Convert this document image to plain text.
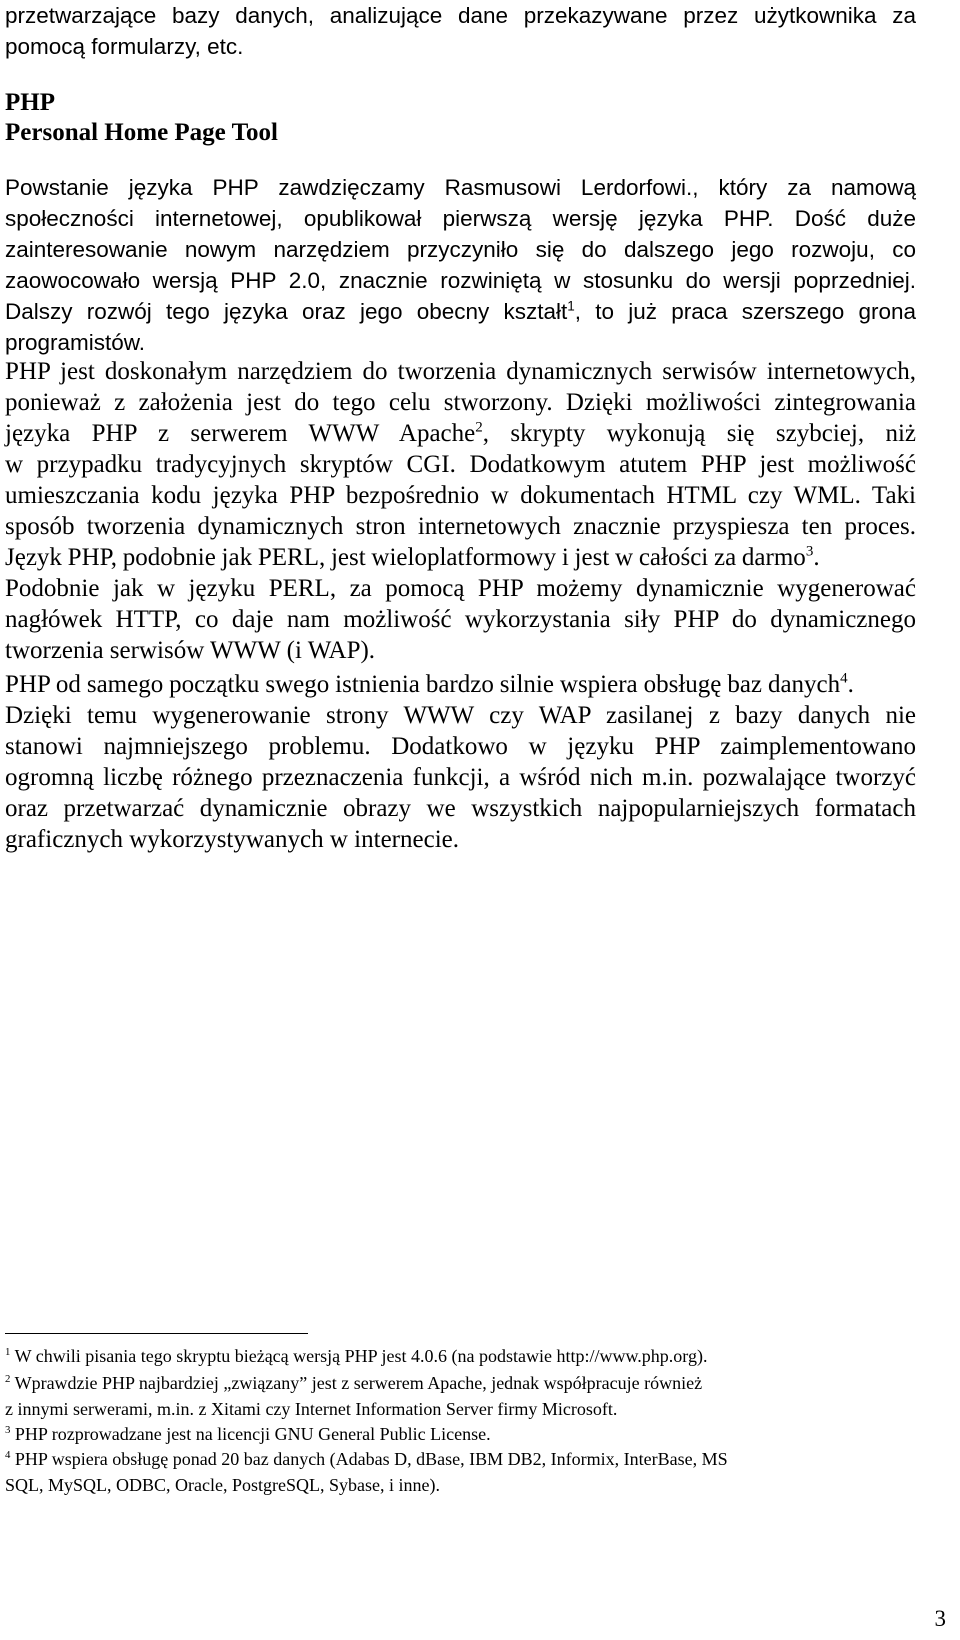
przetwarzające bazy danych, analizujące dane przekazywane przez użytkownika za
pomocą formularzy, etc.
PHP
Personal Home Page Tool
Powstanie języka PHP zawdzięczamy Rasmusowi Lerdorfowi., który za namową
społeczności internetowej, opublikował pierwszą wersję języka PHP. Dość duże
zainteresowanie nowym narzędziem przyczyniło się do dalszego jego rozwoju, co
zaowocowało wersją PHP 2.0, znacznie rozwiniętą w stosunku do wersji poprzedniej.
Dalszy rozwój tego języka oraz jego obecny kształt$^1$, to już praca szerszego grona
programistów.
PHP jest doskonałym narzędziem do tworzenia dynamicznych serwisów internetowych,
ponieważ z założenia jest do tego celu stworzony. Dzięki możliwości zintegrowania
języka PHP z serwerem WWW Apache$^2$, skrypty wykonują się szybciej, niż
w przypadku tradycyjnych skryptów CGI. Dodatkowym atutem PHP jest możliwość
umieszczania kodu języka PHP bezpośrednio w dokumentach HTML czy WML. Taki
sposób tworzenia dynamicznych stron internetowych znacznie przyspiesza ten proces.
Język PHP, podobnie jak PERL, jest wieloplatformowy i jest w całości za darmo$^3$.
Podobnie jak w języku PERL, za pomocą PHP możemy dynamicznie wygenerować
nagłówek HTTP, co daje nam możliwość wykorzystania siły PHP do dynamicznego
tworzenia serwisów WWW (i WAP).
PHP od samego początku swego istnienia bardzo silnie wspiera obsługę baz danych$^4$.
Dzięki temu wygenerowanie strony WWW czy WAP zasilanej z bazy danych nie
stanowi najmniejszego problemu. Dodatkowo w języku PHP zaimplementowano
ogromną liczbę różnego przeznaczenia funkcji, a wśród nich m.in. pozwalające tworzyć
oraz przetwarzać dynamicznie obrazy we wszystkich najpopularniejszych formatach
graficznych wykorzystywanych w internecie.
$^1$ W chwili pisania tego skryptu bieżącą wersją PHP jest 4.0.6 (na podstawie http://www.php.org).
$^2$ Wprawdzie PHP najbardziej „związany” jest z serwerem Apache, jednak współpracuje również
z innymi serwerami, m.in. z Xitami czy Internet Information Server firmy Microsoft.
$^3$ PHP rozprowadzane jest na licencji GNU General Public License.
$^4$ PHP wspiera obsługę ponad 20 baz danych (Adabas D, dBase, IBM DB2, Informix, InterBase, MS
SQL, MySQL, ODBC, Oracle, PostgreSQL, Sybase, i inne).
3
